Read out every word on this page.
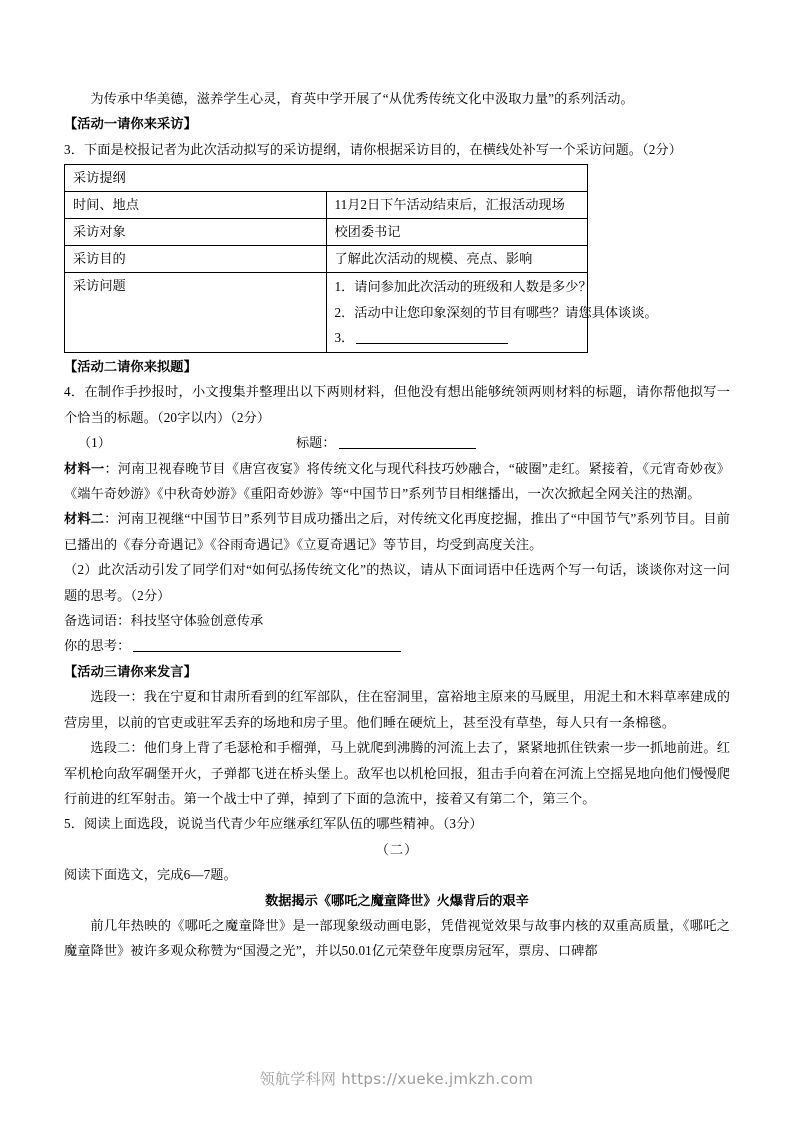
为传承中华美德，滋养学生心灵，育英中学开展了“从优秀传统文化中汲取力量”的系列活动。

【活动一请你来采访】

3．下面是校报记者为此次活动拟写的采访提纲，请你根据采访目的，在横线处补写一个采访问题。（2分）

采访提纲	
时间、地点	11月2日下午活动结束后，汇报活动现场
采访对象	校团委书记
采访目的	了解此次活动的规模、亮点、影响
采访问题	1．请问参加此次活动的班级和人数是多少？
2．活动中让您印象深刻的节目有哪些？请您具体谈谈。
3．

【活动二请你来拟题】

4．在制作手抄报时，小文搜集并整理出以下两则材料，但他没有想出能够统领两则材料的标题，请你帮他拟写一个恰当的标题。（20字以内）（2分）

（1）	标题：

材料一：河南卫视春晚节目《唐宫夜宴》将传统文化与现代科技巧妙融合，“破圈”走红。紧接着，《元宵奇妙夜》《端午奇妙游》《中秋奇妙游》《重阳奇妙游》等“中国节日”系列节目相继播出，一次次掀起全网关注的热潮。

材料二：河南卫视继“中国节日”系列节目成功播出之后，对传统文化再度挖掘，推出了“中国节气”系列节目。目前已播出的《春分奇遇记》《谷雨奇遇记》《立夏奇遇记》等节目，均受到高度关注。

（2）此次活动引发了同学们对“如何弘扬传统文化”的热议，请从下面词语中任选两个写一句话，谈谈你对这一问题的思考。（2分）

备选词语：科技坚守体验创意传承
你的思考：

【活动三请你来发言】

选段一：我在宁夏和甘肃所看到的红军部队，住在窑洞里，富裕地主原来的马厩里，用泥土和木料草率建成的营房里，以前的官吏或驻军丢弃的场地和房子里。他们睡在硬炕上，甚至没有草垫，每人只有一条棉毯。

选段二：他们身上背了毛瑟枪和手榴弹，马上就爬到沸腾的河流上去了，紧紧地抓住铁索一步一抓地前进。红军机枪向敌军碉堡开火，子弹都飞迸在桥头堡上。敌军也以机枪回报，狙击手向着在河流上空摇晃地向他们慢慢爬行前进的红军射击。第一个战士中了弹，掉到了下面的急流中，接着又有第二个，第三个。

5．阅读上面选段，说说当代青少年应继承红军队伍的哪些精神。（3分）

（二）

阅读下面选文，完成6—7题。

数据揭示《哪吒之魔童降世》火爆背后的艰辛

前几年热映的《哪吒之魔童降世》是一部现象级动画电影，凭借视觉效果与故事内核的双重高质量，《哪吒之魔童降世》被许多观众称赞为“国漫之光”，并以50.01亿元荣登年度票房冠军，票房、口碑都

领航学科网 https://xueke.jmkzh.com
